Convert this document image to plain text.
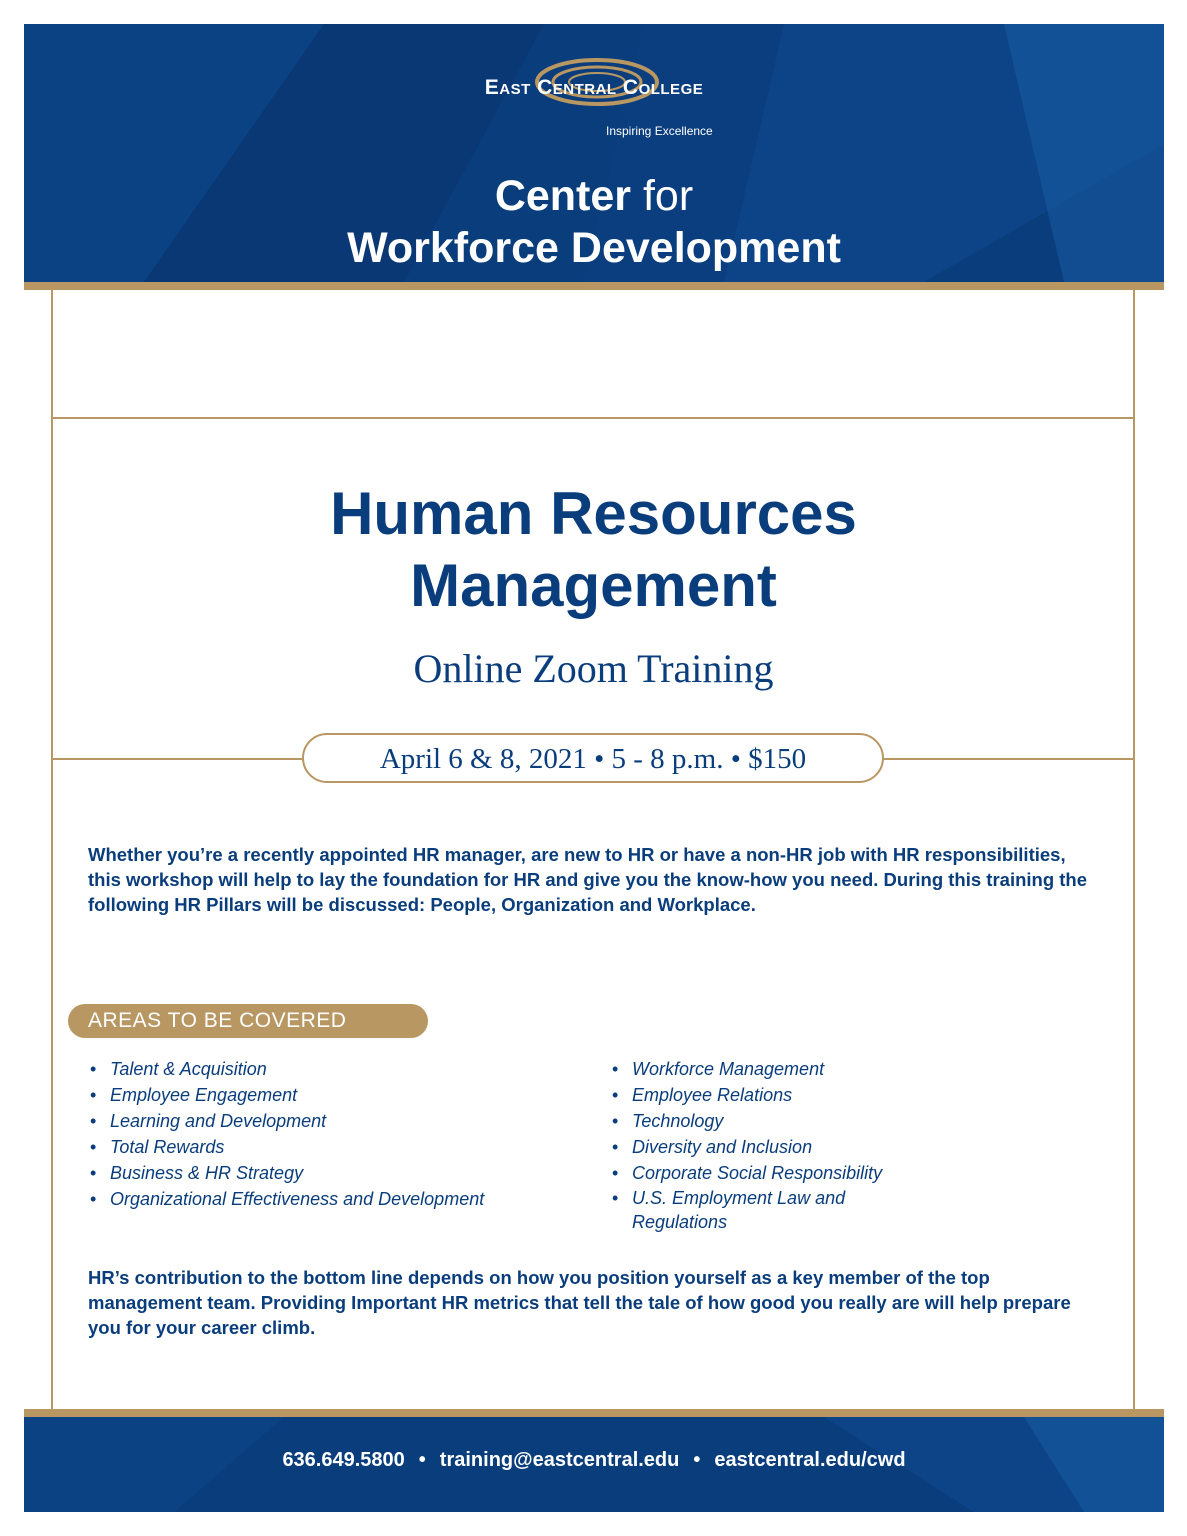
East Central College
Inspiring Excellence
Center for
Workforce Development
Human Resources
Management
Online Zoom Training
April 6 & 8, 2021 • 5 - 8 p.m. • $150
Whether you’re a recently appointed HR manager, are new to HR or have a non-HR job with HR responsibilities, this workshop will help to lay the foundation for HR and give you the know-how you need. During this training the following HR Pillars will be discussed: People, Organization and Workplace.
AREAS TO BE COVERED
• Talent & Acquisition
• Employee Engagement
• Learning and Development
• Total Rewards
• Business & HR Strategy
• Organizational Effectiveness and Development
• Workforce Management
• Employee Relations
• Technology
• Diversity and Inclusion
• Corporate Social Responsibility
• U.S. Employment Law and Regulations
HR’s contribution to the bottom line depends on how you position yourself as a key member of the top management team. Providing Important HR metrics that tell the tale of how good you really are will help prepare you for your career climb.
636.649.5800 • training@eastcentral.edu • eastcentral.edu/cwd
